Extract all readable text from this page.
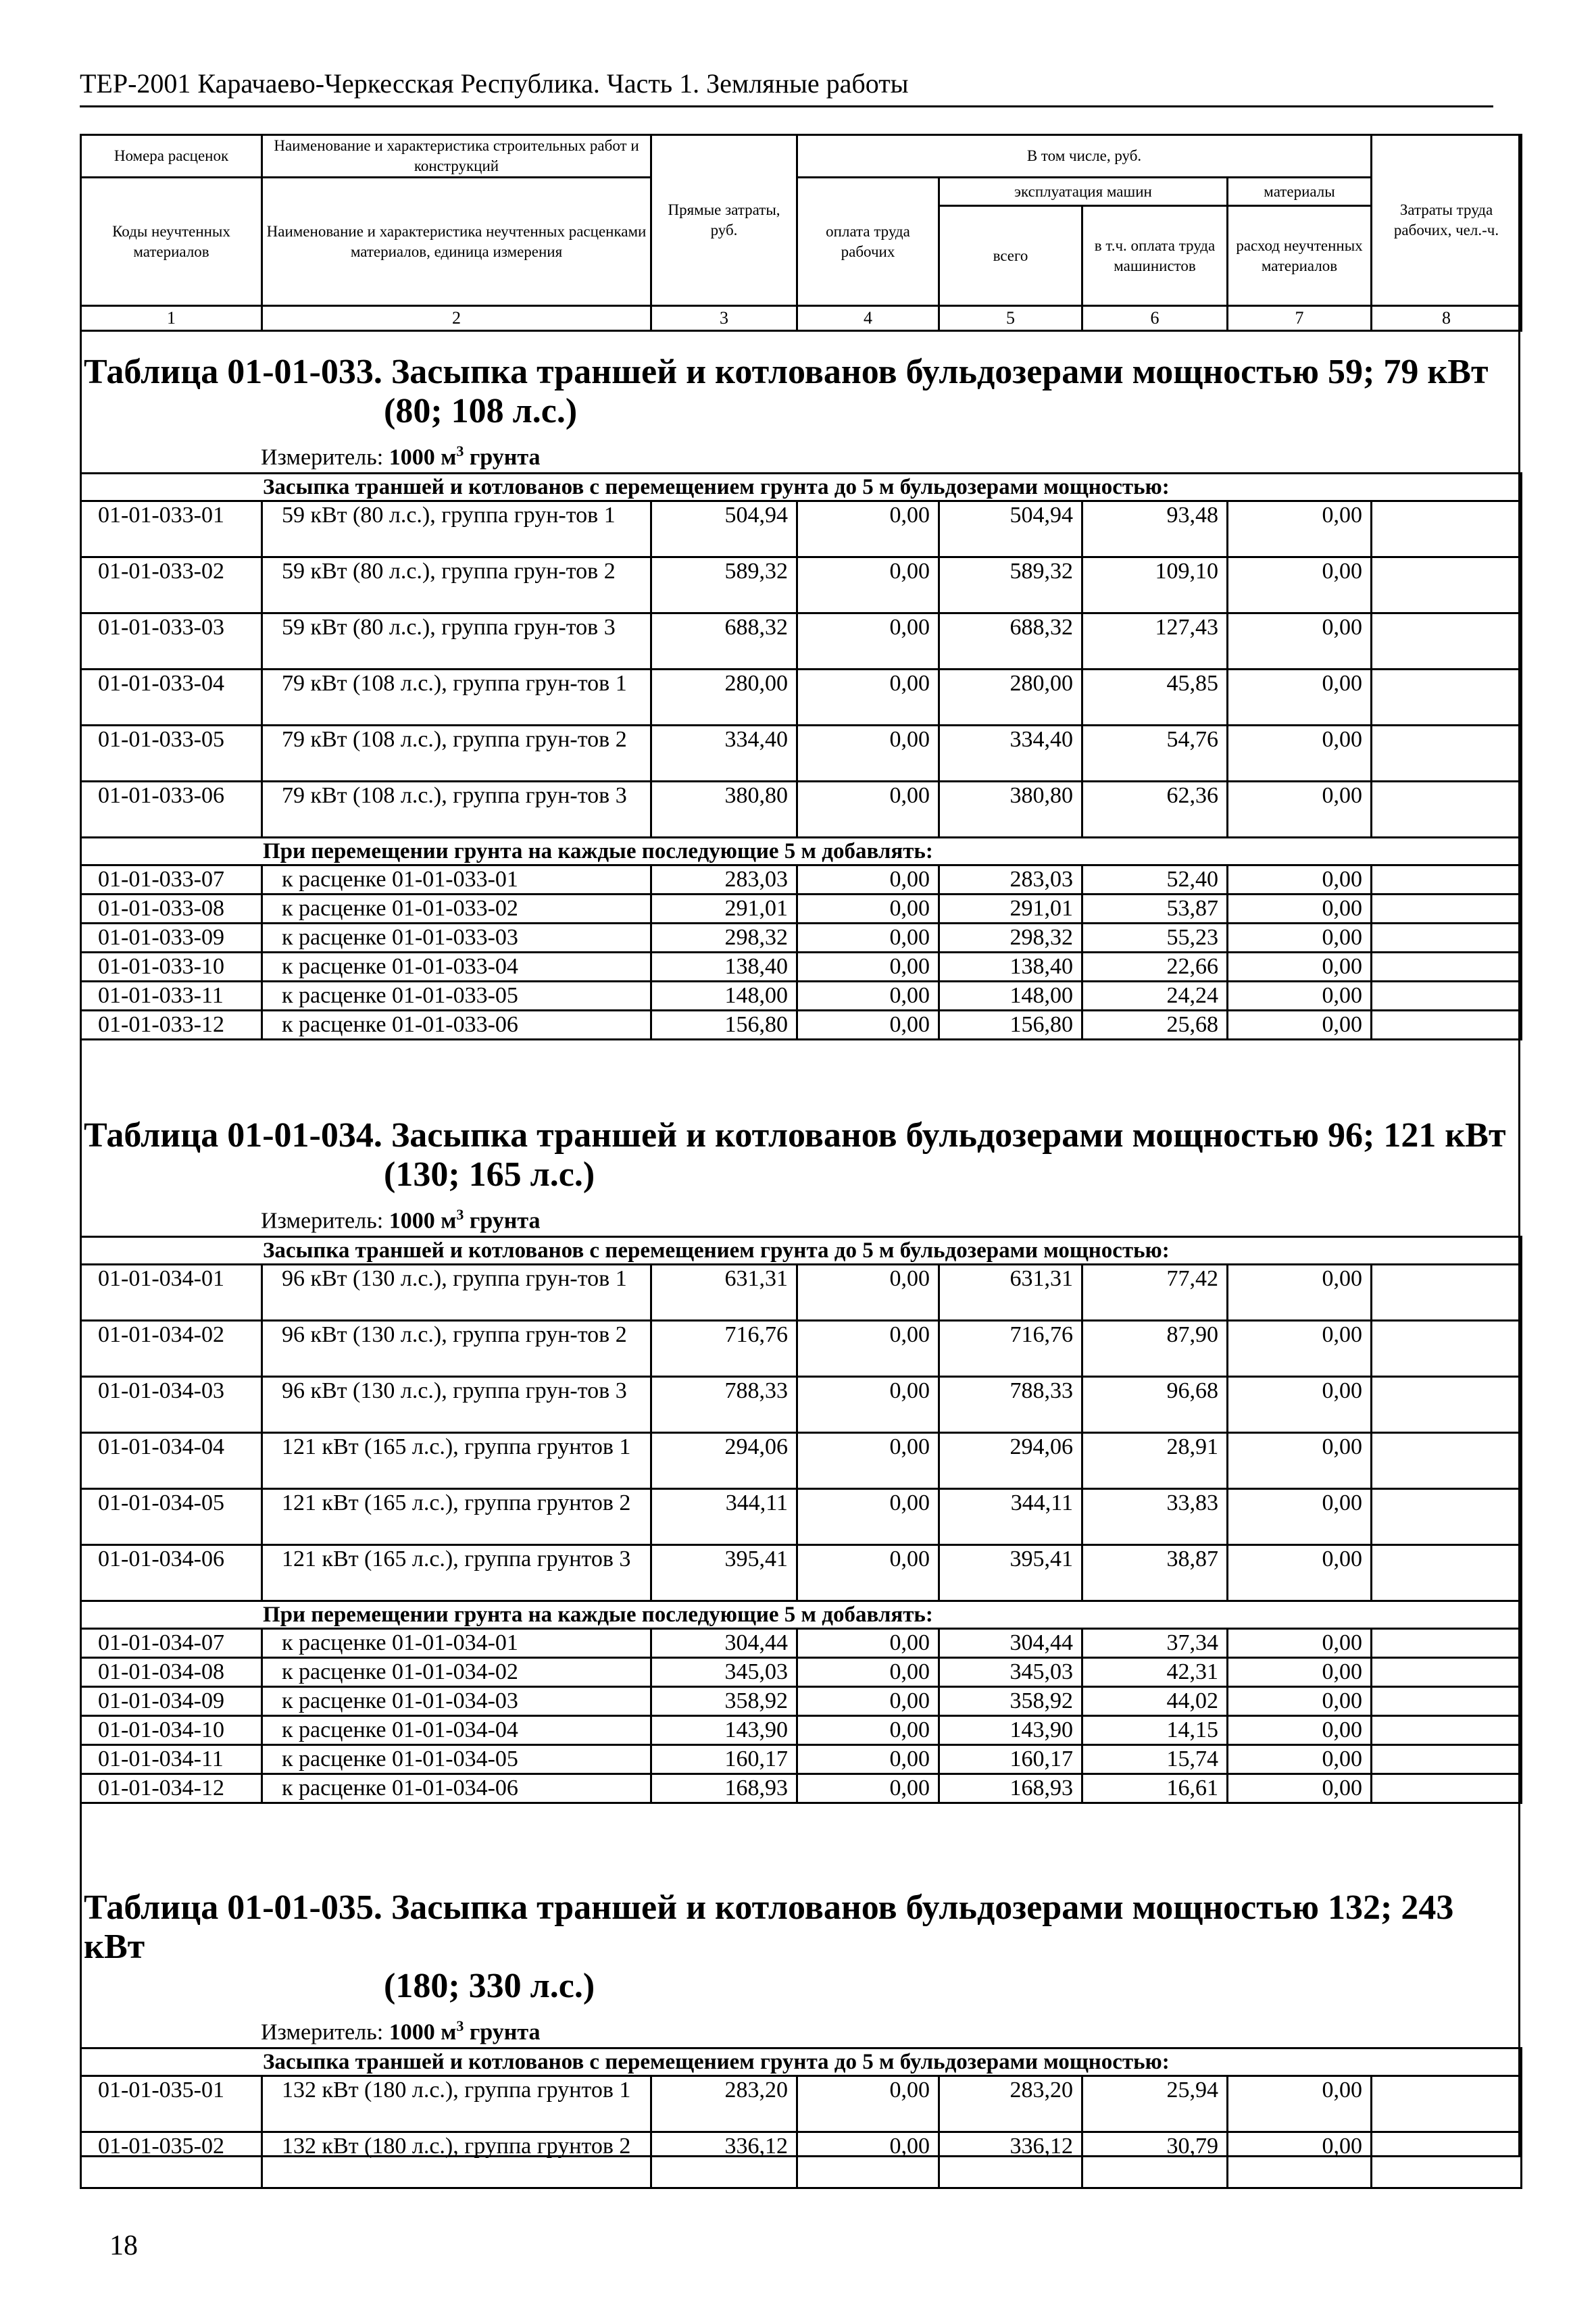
ТЕР-2001 Карачаево-Черкесская Республика. Часть 1. Земляные работы
Номера расценок	Наименование и характеристика строительных работ и конструкций	Прямые затраты, руб.	В том числе, руб.				Затраты труда рабочих, чел.-ч.
Коды неучтенных материалов	Наименование и характеристика неучтенных расценками материалов, единица измерения		оплата труда рабочих	эксплуатация машин		материалы	
				всего	в т.ч. оплата труда машинистов	расход неучтенных материалов	
1	2	3	4	5	6	7	8
Таблица 01-01-033. Засыпка траншей и котлованов бульдозерами мощностью 59; 79 кВт
(80; 108 л.с.)
Измеритель: 1000 $м^3$ грунта
Засыпка траншей и котлованов с перемещением грунта до 5 м бульдозерами мощностью:							
01-01-033-01	59 кВт (80 л.с.), группа грун-тов 1	504,94	0,00	504,94	93,48	0,00	
01-01-033-02	59 кВт (80 л.с.), группа грун-тов 2	589,32	0,00	589,32	109,10	0,00	
01-01-033-03	59 кВт (80 л.с.), группа грун-тов 3	688,32	0,00	688,32	127,43	0,00	
01-01-033-04	79 кВт (108 л.с.), группа грун-тов 1	280,00	0,00	280,00	45,85	0,00	
01-01-033-05	79 кВт (108 л.с.), группа грун-тов 2	334,40	0,00	334,40	54,76	0,00	
01-01-033-06	79 кВт (108 л.с.), группа грун-тов 3	380,80	0,00	380,80	62,36	0,00	
При перемещении грунта на каждые последующие 5 м добавлять:							
01-01-033-07	к расценке 01-01-033-01	283,03	0,00	283,03	52,40	0,00	
01-01-033-08	к расценке 01-01-033-02	291,01	0,00	291,01	53,87	0,00	
01-01-033-09	к расценке 01-01-033-03	298,32	0,00	298,32	55,23	0,00	
01-01-033-10	к расценке 01-01-033-04	138,40	0,00	138,40	22,66	0,00	
01-01-033-11	к расценке 01-01-033-05	148,00	0,00	148,00	24,24	0,00	
01-01-033-12	к расценке 01-01-033-06	156,80	0,00	156,80	25,68	0,00	
Таблица 01-01-034. Засыпка траншей и котлованов бульдозерами мощностью 96; 121 кВт
(130; 165 л.с.)
Измеритель: 1000 $м^3$ грунта
Засыпка траншей и котлованов с перемещением грунта до 5 м бульдозерами мощностью:							
01-01-034-01	96 кВт (130 л.с.), группа грун-тов 1	631,31	0,00	631,31	77,42	0,00	
01-01-034-02	96 кВт (130 л.с.), группа грун-тов 2	716,76	0,00	716,76	87,90	0,00	
01-01-034-03	96 кВт (130 л.с.), группа грун-тов 3	788,33	0,00	788,33	96,68	0,00	
01-01-034-04	121 кВт (165 л.с.), группа грунтов 1	294,06	0,00	294,06	28,91	0,00	
01-01-034-05	121 кВт (165 л.с.), группа грунтов 2	344,11	0,00	344,11	33,83	0,00	
01-01-034-06	121 кВт (165 л.с.), группа грунтов 3	395,41	0,00	395,41	38,87	0,00	
При перемещении грунта на каждые последующие 5 м добавлять:							
01-01-034-07	к расценке 01-01-034-01	304,44	0,00	304,44	37,34	0,00	
01-01-034-08	к расценке 01-01-034-02	345,03	0,00	345,03	42,31	0,00	
01-01-034-09	к расценке 01-01-034-03	358,92	0,00	358,92	44,02	0,00	
01-01-034-10	к расценке 01-01-034-04	143,90	0,00	143,90	14,15	0,00	
01-01-034-11	к расценке 01-01-034-05	160,17	0,00	160,17	15,74	0,00	
01-01-034-12	к расценке 01-01-034-06	168,93	0,00	168,93	16,61	0,00	
Таблица 01-01-035. Засыпка траншей и котлованов бульдозерами мощностью 132; 243 кВт
(180; 330 л.с.)
Измеритель: 1000 $м^3$ грунта
Засыпка траншей и котлованов с перемещением грунта до 5 м бульдозерами мощностью:							
01-01-035-01	132 кВт (180 л.с.), группа грунтов 1	283,20	0,00	283,20	25,94	0,00	
01-01-035-02	132 кВт (180 л.с.), группа грунтов 2	336,12	0,00	336,12	30,79	0,00	
18
